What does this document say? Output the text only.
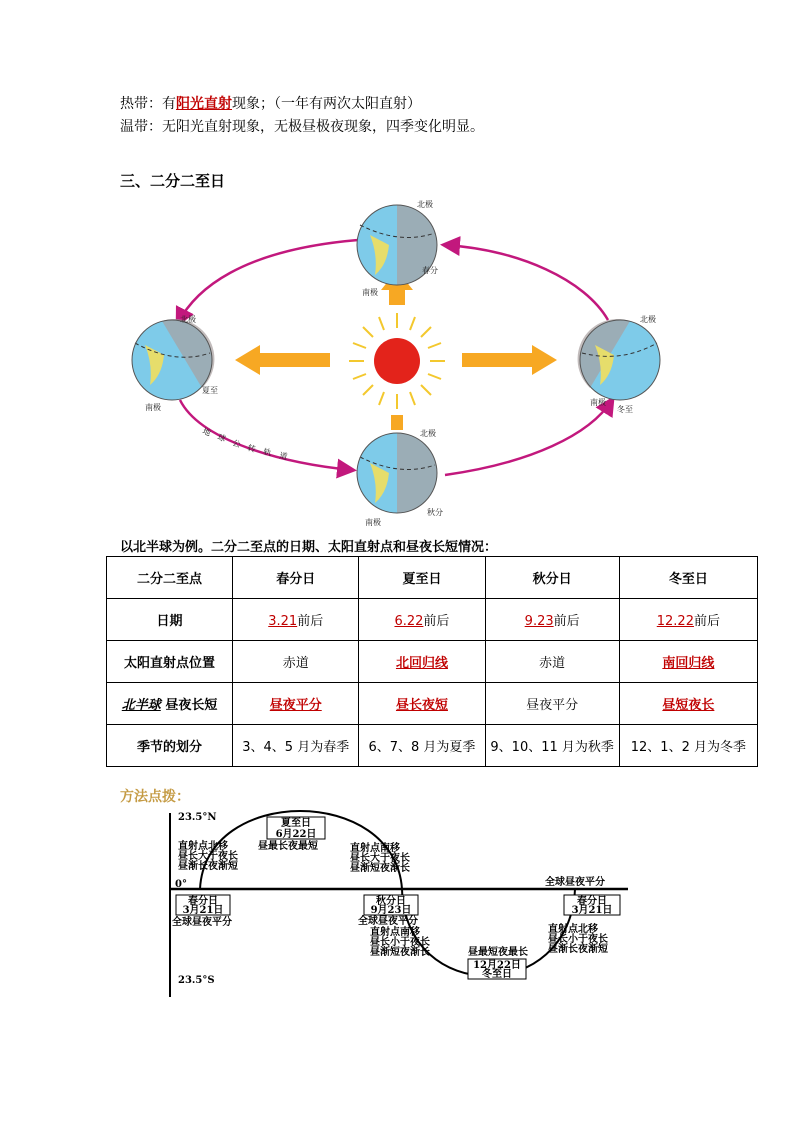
热带：有阳光直射现象；（一年有两次太阳直射）
温带：无阳光直射现象，无极昼极夜现象，四季变化明显。
三、二分二至日
北极
春分
南极
北极
夏至
南极
北极
冬至
南极
北极
秋分
南极
地
球
公 转 轨 道
以北半球为例。二分二至点的日期、太阳直射点和昼夜长短情况：
二分二至点	春分日	夏至日	秋分日	冬至日
日期	3.21前后	6.22前后	9.23前后	12.22前后
太阳直射点位置	赤道	北回归线	赤道	南回归线
北半球 昼夜长短	昼夜平分	昼长夜短	昼夜平分	昼短夜长
季节的划分	3、4、5 月为春季	6、7、8 月为夏季	9、10、11 月为秋季	12、1、2 月为冬季
方法点拨：
23.5°N
0°
23.5°S
夏至日
6月22日
昼最长夜最短
直射点北移
昼长大于夜长
昼渐长夜渐短
直射点南移
昼长大于夜长
昼渐短夜渐长
春分日
3月21日
全球昼夜平分
秋分日
9月23日
全球昼夜平分
直射点南移
昼长小于夜长
昼渐短夜渐长	昼最短夜最长
12月22日
冬至日
全球昼夜平分
春分日
3月21日
直射点北移
昼长小于夜长
昼渐长夜渐短
